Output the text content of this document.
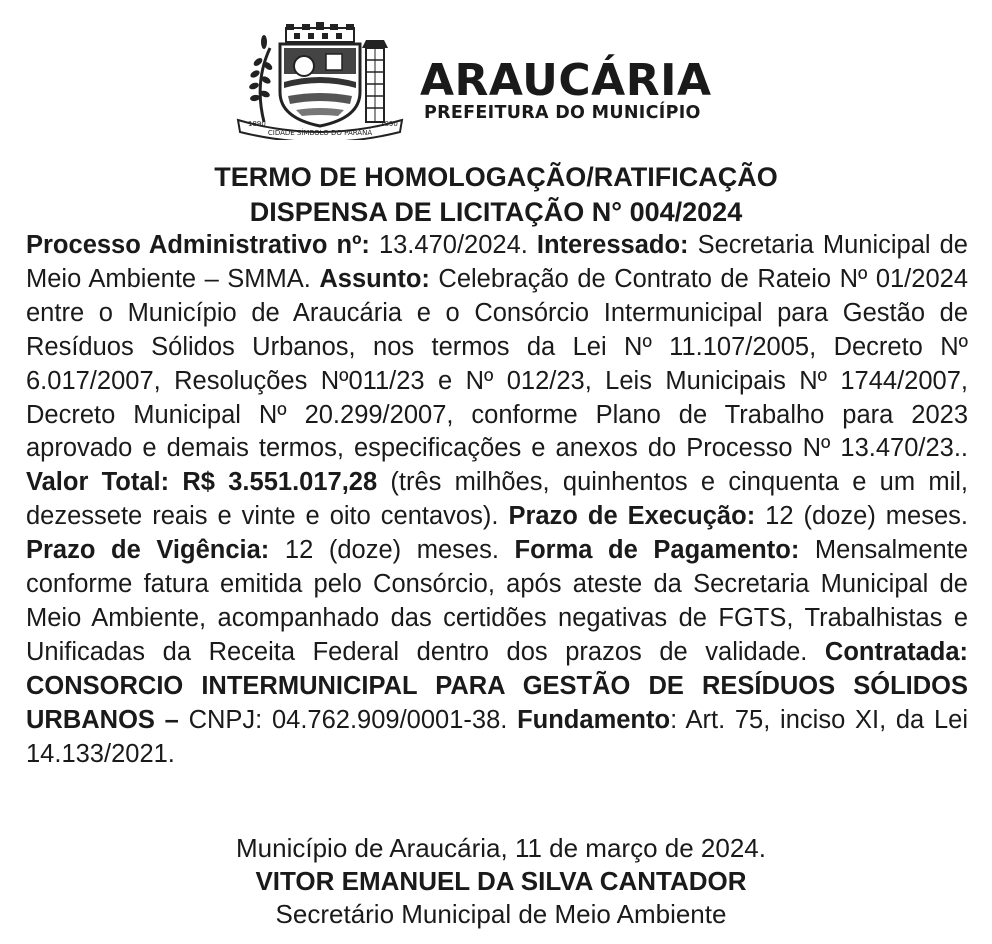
CIDADE SÍMBOLO DO PARANÁ
1890	1890
ARAUCÁRIA
PREFEITURA DO MUNICÍPIO
TERMO DE HOMOLOGAÇÃO/RATIFICAÇÃO
DISPENSA DE LICITAÇÃO N° 004/2024
Processo Administrativo nº: 13.470/2024. Interessado: Secretaria Municipal de Meio Ambiente – SMMA. Assunto: Celebração de Contrato de Rateio Nº 01/2024 entre o Município de Araucária e o Consórcio Intermunicipal para Gestão de Resíduos Sólidos Urbanos, nos termos da Lei Nº 11.107/2005, Decreto Nº 6.017/2007, Resoluções Nº011/23 e Nº 012/23, Leis Municipais Nº 1744/2007, Decreto Municipal Nº 20.299/2007, conforme Plano de Trabalho para 2023 aprovado e demais termos, especificações e anexos do Processo Nº 13.470/23.. Valor Total: R$ 3.551.017,28 (três milhões, quinhentos e cinquenta e um mil, dezessete reais e vinte e oito centavos). Prazo de Execução: 12 (doze) meses. Prazo de Vigência: 12 (doze) meses. Forma de Pagamento: Mensalmente conforme fatura emitida pelo Consórcio, após ateste da Secretaria Municipal de Meio Ambiente, acompanhado das certidões negativas de FGTS, Trabalhistas e Unificadas da Receita Federal dentro dos prazos de validade. Contratada: CONSORCIO INTERMUNICIPAL PARA GESTÃO DE RESÍDUOS SÓLIDOS URBANOS – CNPJ: 04.762.909/0001-38. Fundamento: Art. 75, inciso XI, da Lei 14.133/2021.
Município de Araucária, 11 de março de 2024.
VITOR EMANUEL DA SILVA CANTADOR
Secretário Municipal de Meio Ambiente
